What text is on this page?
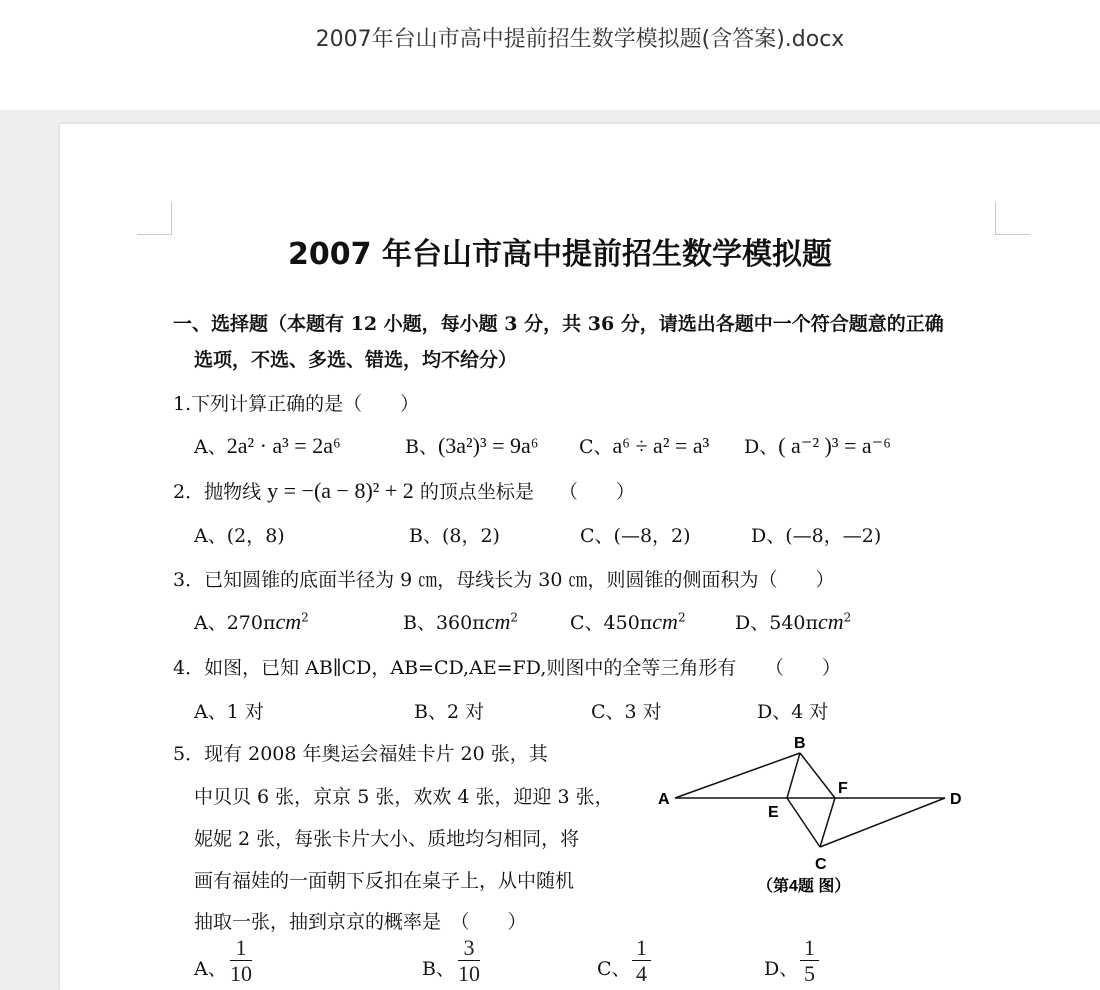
2007年台山市高中提前招生数学模拟题(含答案).docx
2007 年台山市高中提前招生数学模拟题
一、选择题（本题有 12 小题，每小题 3 分，共 36 分，请选出各题中一个符合题意的正确
选项，不选、多选、错选，均不给分）
1.下列计算正确的是（　　）
A、2a² · a³ = 2a⁶	B、(3a²)³ = 9a⁶ C、a⁶ ÷ a² = a³ D、( a⁻² )³ = a⁻⁶
2．抛物线 y = −(a − 8)² + 2 的顶点坐标是　 （　　）
A、(2，8)	B、(8，2)	C、(—8，2)	D、(—8，—2)
3．已知圆锥的底面半径为 9 ㎝，母线长为 30 ㎝，则圆锥的侧面积为（　　）
A、270πcm$^2$	B、360πcm$^2$	C、450πcm$^2$	D、540πcm$^2$
4．如图，已知 AB∥CD，AB=CD,AE=FD,则图中的全等三角形有　　（　　）
A、1 对	B、2 对	C、3 对	D、4 对
5．现有 2008 年奥运会福娃卡片 20 张，其
中贝贝 6 张，京京 5 张，欢欢 4 张，迎迎 3 张，
妮妮 2 张，每张卡片大小、质地均匀相同，将
画有福娃的一面朝下反扣在桌子上，从中随机
抽取一张，抽到京京的概率是　（　　）
A、 $\frac{1}{10}$	B、 $\frac{3}{10}$	C、 $\frac{1}{4}$	D、 $\frac{1}{5}$
B
A
F
D
E
C
（第4题 图）
